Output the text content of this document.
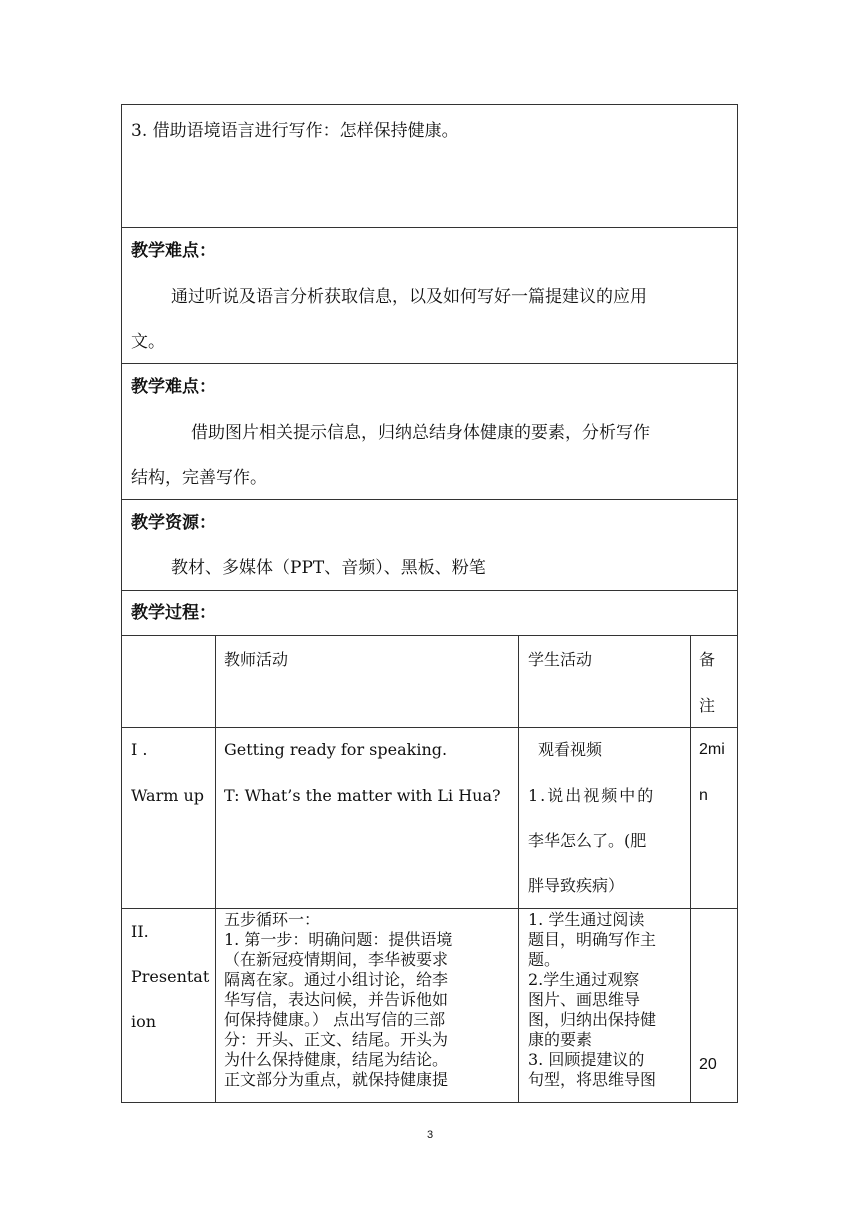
3. 借助语境语言进行写作：怎样保持健康。
教学难点：
通过听说及语言分析获取信息，以及如何写好一篇提建议的应用
文。
教学难点：
借助图片相关提示信息，归纳总结身体健康的要素，分析写作
结构，完善写作。
教学资源：
教材、多媒体（PPT、音频）、黑板、粉笔
教学过程：
教师活动	学生活动	备
注
I .
Warm up
Getting ready for speaking.
T: What’s the matter with Li Hua?
观看视频
1.说出视频中的
李华怎么了。(肥
胖导致疾病）
2mi
n
II.
Presentat
ion
五步循环一：
1. 第一步：明确问题：提供语境
（在新冠疫情期间，李华被要求
隔离在家。通过小组讨论，给李
华写信，表达问候，并告诉他如
何保持健康。） 点出写信的三部
分：开头、正文、结尾。开头为
为什么保持健康，结尾为结论。
正文部分为重点，就保持健康提
1. 学生通过阅读
题目，明确写作主
题。
2.学生通过观察
图片、画思维导
图，归纳出保持健
康的要素
3. 回顾提建议的
句型，将思维导图
20
3
